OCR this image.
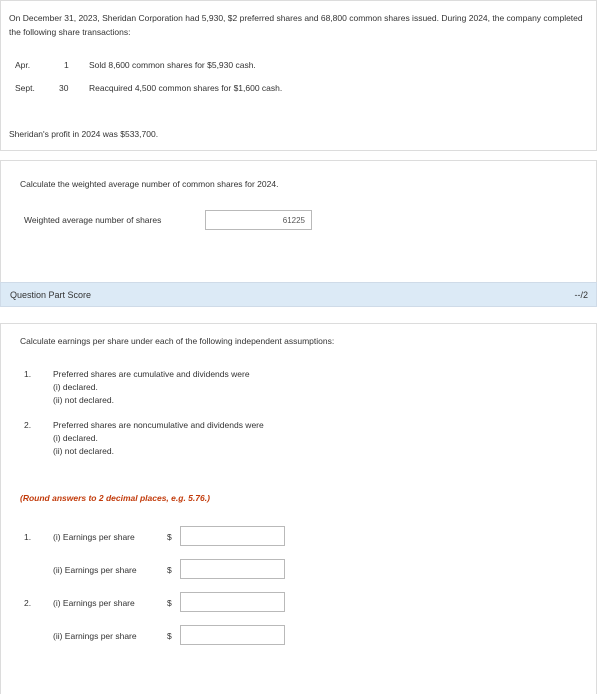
On December 31, 2023, Sheridan Corporation had 5,930, $2 preferred shares and 68,800 common shares issued. During 2024, the company completed the following share transactions:
Apr.	1 Sold 8,600 common shares for $5,930 cash.
Sept.	30 Reacquired 4,500 common shares for $1,600 cash.
Sheridan's profit in 2024 was $533,700.
Calculate the weighted average number of common shares for 2024.
Weighted average number of shares
61225
Question Part Score	--/2
Calculate earnings per share under each of the following independent assumptions:
1.	Preferred shares are cumulative and dividends were
(i) declared.
(ii) not declared.
2.	Preferred shares are noncumulative and dividends were
(i) declared.
(ii) not declared.
(Round answers to 2 decimal places, e.g. 5.76.)
1.	(i) Earnings per share	$
(ii) Earnings per share	$
2.	(i) Earnings per share	$
(ii) Earnings per share	$
